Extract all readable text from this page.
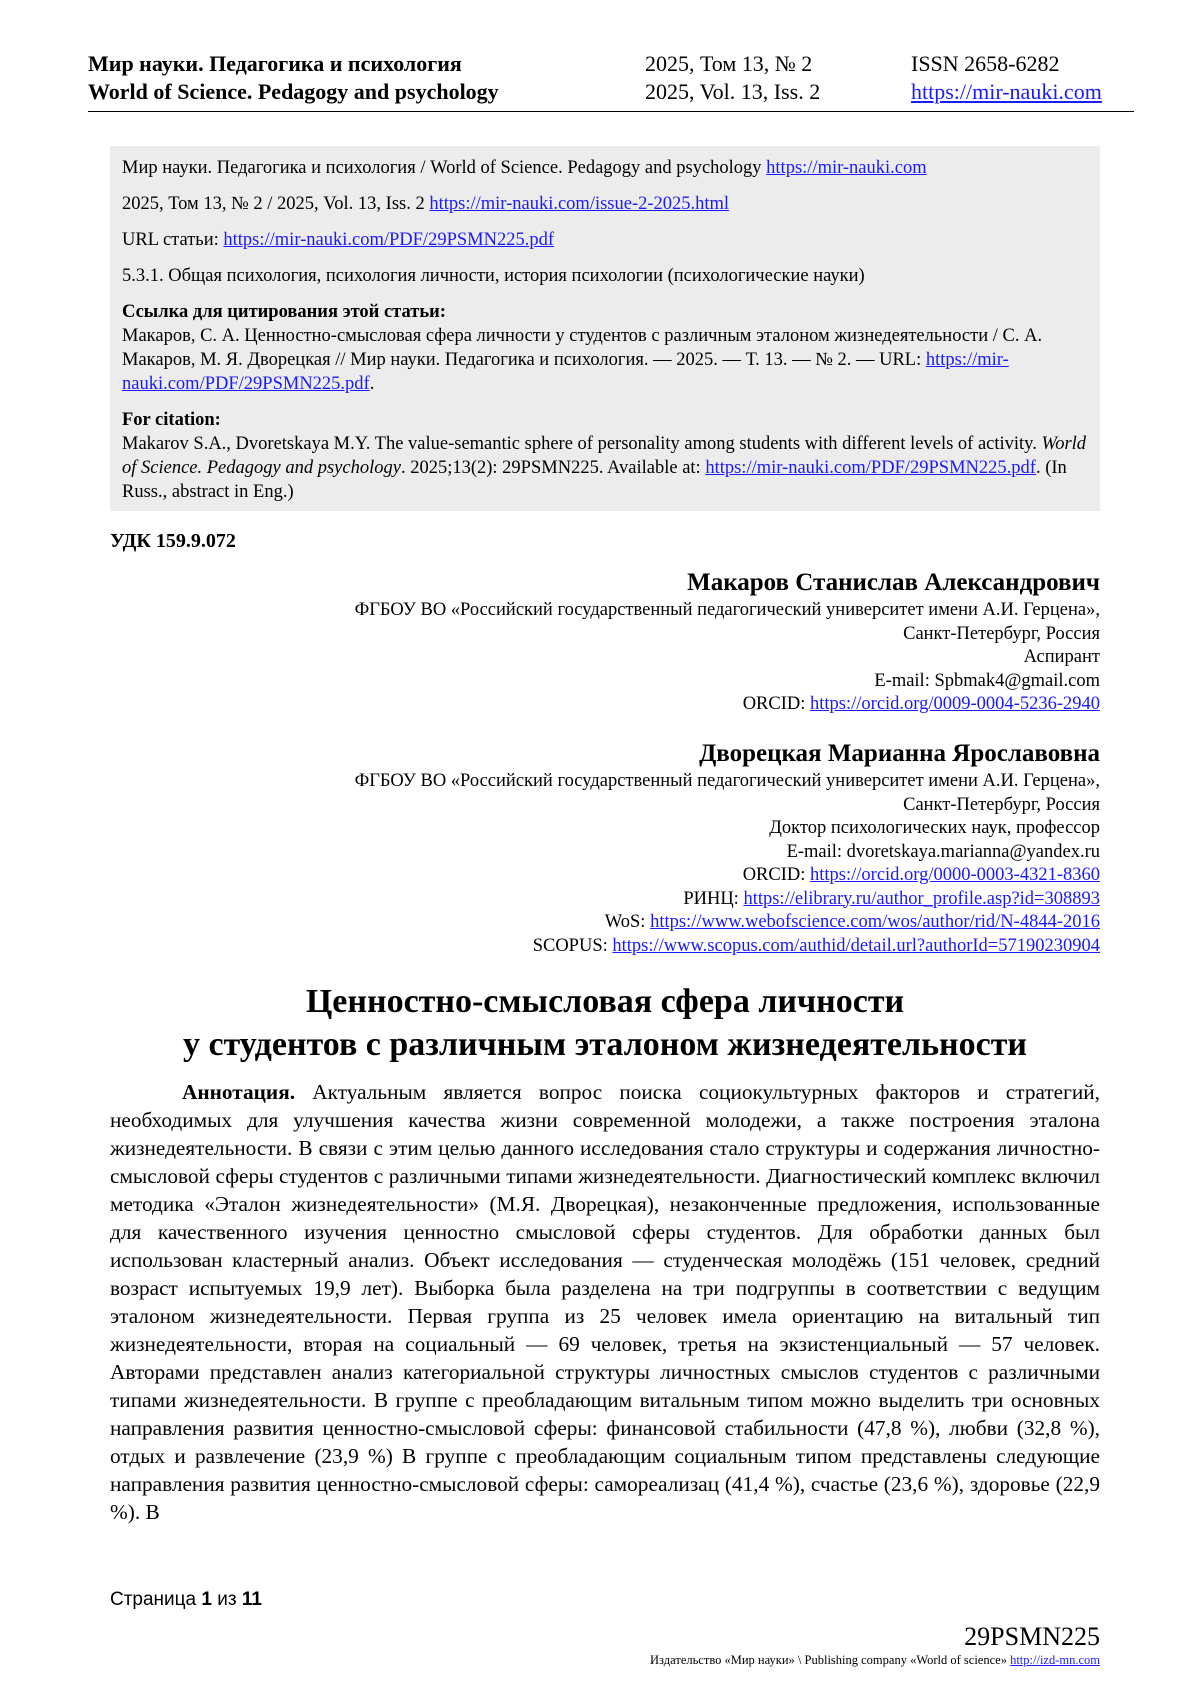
Мир науки. Педагогика и психология	2025, Том 13, № 2	ISSN 2658-6282
World of Science. Pedagogy and psychology	2025, Vol. 13, Iss. 2	https://mir-nauki.com

Мир науки. Педагогика и психология / World of Science. Pedagogy and psychology https://mir-nauki.com

2025, Том 13, № 2 / 2025, Vol. 13, Iss. 2 https://mir-nauki.com/issue-2-2025.html

URL статьи: https://mir-nauki.com/PDF/29PSMN225.pdf

5.3.1. Общая психология, психология личности, история психологии (психологические науки)

Ссылка для цитирования этой статьи:

Макаров, С. А. Ценностно-смысловая сфера личности у студентов с различным эталоном жизнедеятельности / С. А. Макаров, М. Я. Дворецкая // Мир науки. Педагогика и психология. — 2025. — Т. 13. — № 2. — URL: https://mir-nauki.com/PDF/29PSMN225.pdf.

For citation:

Makarov S.A., Dvoretskaya M.Y. The value-semantic sphere of personality among students with different levels of activity. World of Science. Pedagogy and psychology. 2025;13(2): 29PSMN225. Available at: https://mir-nauki.com/PDF/29PSMN225.pdf. (In Russ., abstract in Eng.)

УДК 159.9.072
Макаров Станислав Александрович
ФГБОУ ВО «Российский государственный педагогический университет имени А.И. Герцена»,
Санкт-Петербург, Россия
Аспирант
E-mail: Spbmak4@gmail.com
ORCID: https://orcid.org/0009-0004-5236-2940
Дворецкая Марианна Ярославовна
ФГБОУ ВО «Российский государственный педагогический университет имени А.И. Герцена»,
Санкт-Петербург, Россия
Доктор психологических наук, профессор
E-mail: dvoretskaya.marianna@yandex.ru
ORCID: https://orcid.org/0000-0003-4321-8360
РИНЦ: https://elibrary.ru/author_profile.asp?id=308893
WoS: https://www.webofscience.com/wos/author/rid/N-4844-2016
SCOPUS: https://www.scopus.com/authid/detail.url?authorId=57190230904
Ценностно-смысловая сфера личности
у студентов с различным эталоном жизнедеятельности

Аннотация. Актуальным является вопрос поиска социокультурных факторов и стратегий, необходимых для улучшения качества жизни современной молодежи, а также построения эталона жизнедеятельности. В связи с этим целью данного исследования стало структуры и содержания личностно-смысловой сферы студентов с различными типами жизнедеятельности. Диагностический комплекс включил методика «Эталон жизнедеятельности» (М.Я. Дворецкая), незаконченные предложения, использованные для качественного изучения ценностно смысловой сферы студентов. Для обработки данных был использован кластерный анализ. Объект исследования — студенческая молодёжь (151 человек, средний возраст испытуемых 19,9 лет). Выборка была разделена на три подгруппы в соответствии с ведущим эталоном жизнедеятельности. Первая группа из 25 человек имела ориентацию на витальный тип жизнедеятельности, вторая на социальный — 69 человек, третья на экзистенциальный — 57 человек. Авторами представлен анализ категориальной структуры личностных смыслов студентов с различными типами жизнедеятельности. В группе с преобладающим витальным типом можно выделить три основных направления развития ценностно-смысловой сферы: финансовой стабильности (47,8 %), любви (32,8 %), отдых и развлечение (23,9 %) В группе с преобладающим социальным типом представлены следующие направления развития ценностно-смысловой сферы: самореализац (41,4 %), счастье (23,6 %), здоровье (22,9 %). В

Страница 1 из 11
29PSMN225
Издательство «Мир науки» \ Publishing company «World of science» http://izd-mn.com
